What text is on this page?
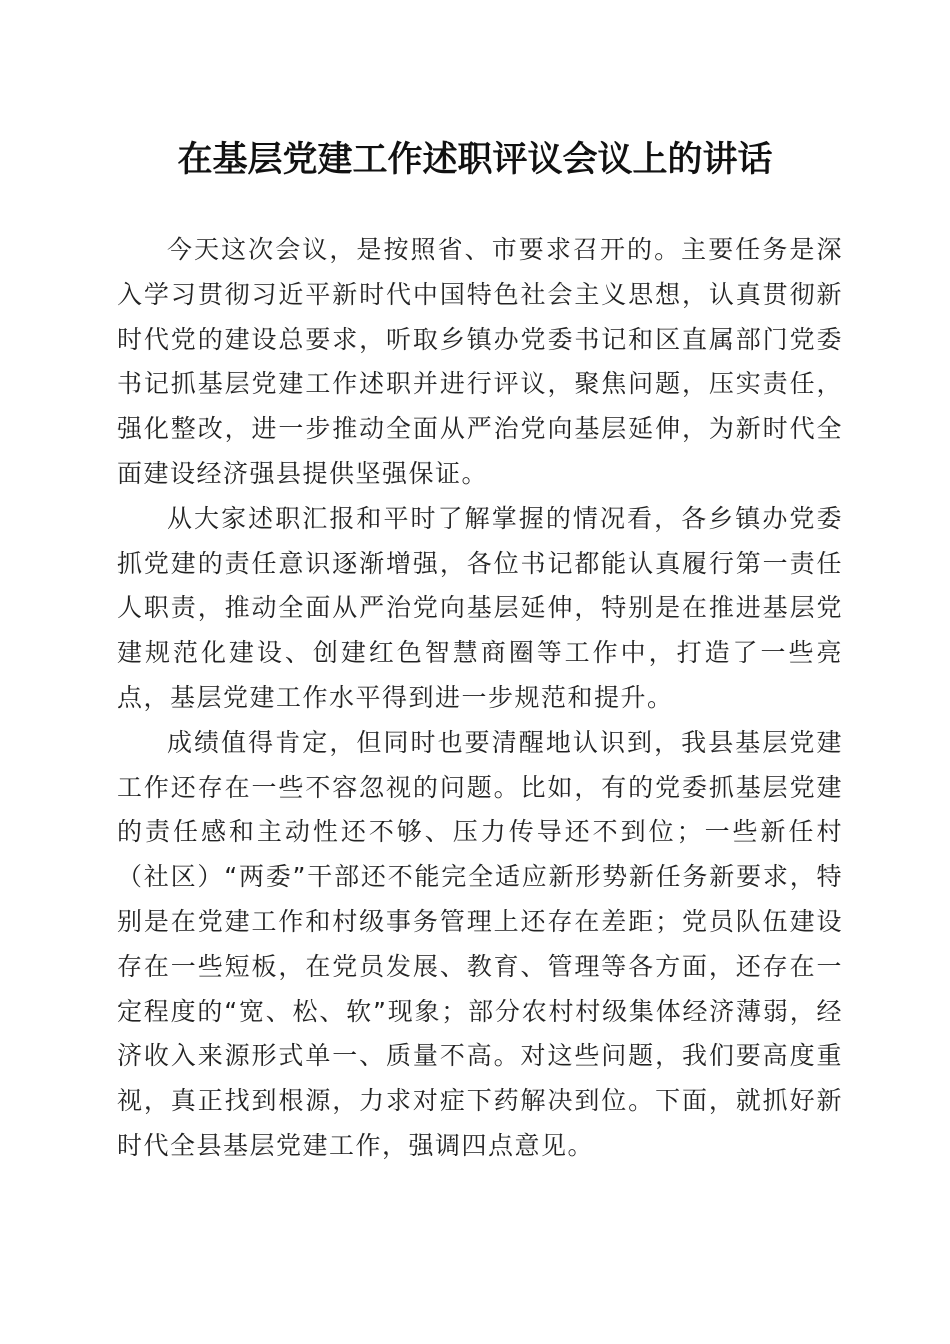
在基层党建工作述职评议会议上的讲话

今天这次会议，是按照省、市要求召开的。主要任务是深入学习贯彻习近平新时代中国特色社会主义思想，认真贯彻新时代党的建设总要求，听取乡镇办党委书记和区直属部门党委书记抓基层党建工作述职并进行评议，聚焦问题，压实责任，强化整改，进一步推动全面从严治党向基层延伸，为新时代全面建设经济强县提供坚强保证。

从大家述职汇报和平时了解掌握的情况看，各乡镇办党委抓党建的责任意识逐渐增强，各位书记都能认真履行第一责任人职责，推动全面从严治党向基层延伸，特别是在推进基层党建规范化建设、创建红色智慧商圈等工作中，打造了一些亮点，基层党建工作水平得到进一步规范和提升。

成绩值得肯定，但同时也要清醒地认识到，我县基层党建工作还存在一些不容忽视的问题。比如，有的党委抓基层党建的责任感和主动性还不够、压力传导还不到位；一些新任村（社区）“两委”干部还不能完全适应新形势新任务新要求，特别是在党建工作和村级事务管理上还存在差距；党员队伍建设存在一些短板，在党员发展、教育、管理等各方面，还存在一定程度的“宽、松、软”现象；部分农村村级集体经济薄弱，经济收入来源形式单一、质量不高。对这些问题，我们要高度重视，真正找到根源，力求对症下药解决到位。下面，就抓好新时代全县基层党建工作，强调四点意见。
